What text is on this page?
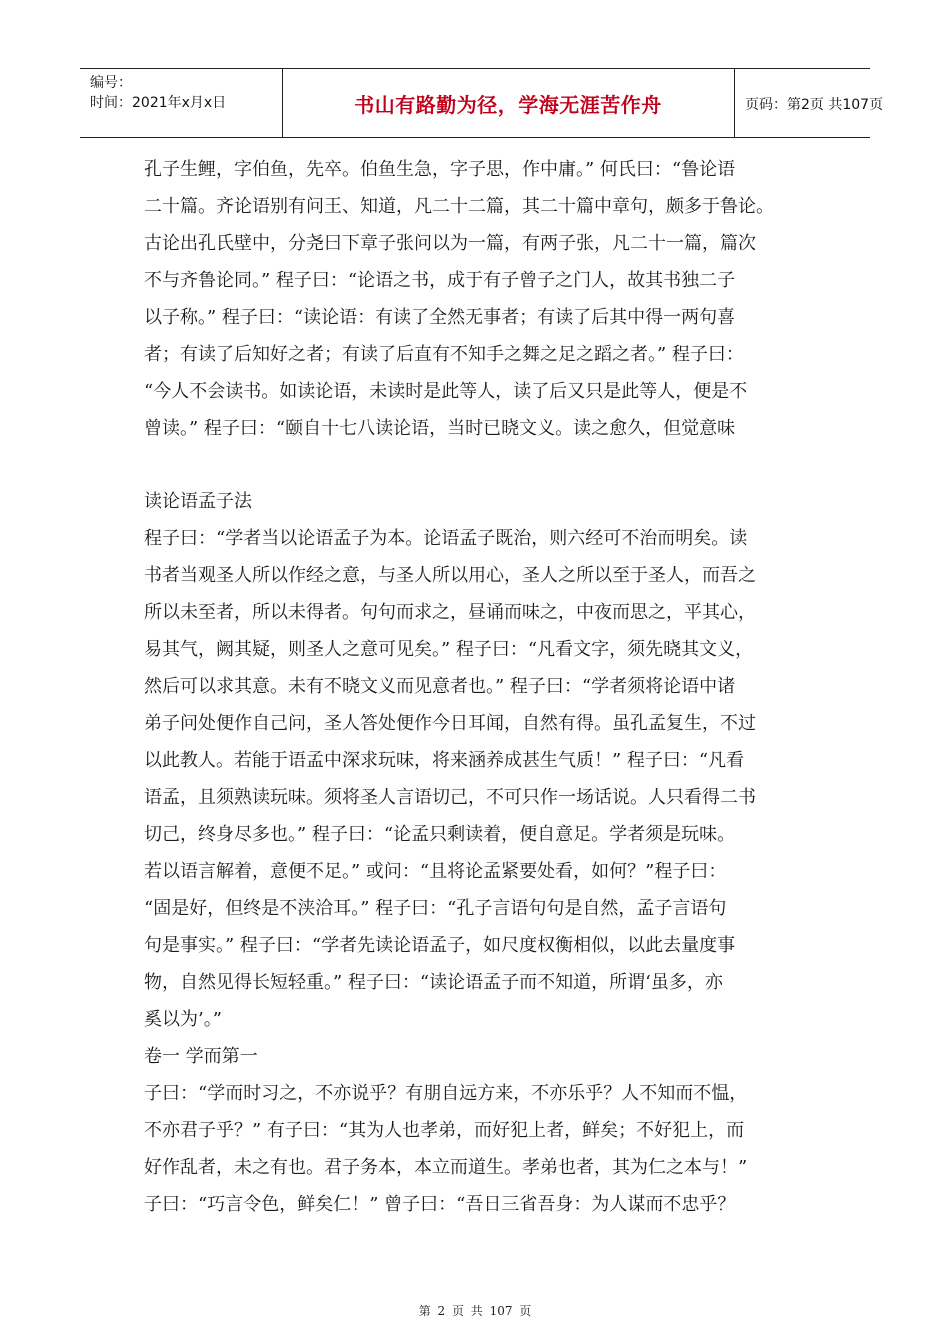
编号：
时间：2021年x月x日	书山有路勤为径，学海无涯苦作舟	页码：第2页 共107页
孔子生鲤，字伯鱼，先卒。伯鱼生急，字子思，作中庸。” 何氏曰：“鲁论语
二十篇。齐论语别有问王、知道，凡二十二篇，其二十篇中章句，颇多于鲁论。
古论出孔氏壁中，分尧曰下章子张问以为一篇，有两子张，凡二十一篇，篇次
不与齐鲁论同。” 程子曰：“论语之书，成于有子曾子之门人，故其书独二子
以子称。” 程子曰：“读论语：有读了全然无事者；有读了后其中得一两句喜
者；有读了后知好之者；有读了后直有不知手之舞之足之蹈之者。” 程子曰：
“今人不会读书。如读论语，未读时是此等人，读了后又只是此等人，便是不
曾读。” 程子曰：“颐自十七八读论语，当时已晓文义。读之愈久，但觉意味
读论语孟子法
程子曰：“学者当以论语孟子为本。论语孟子既治，则六经可不治而明矣。读
书者当观圣人所以作经之意，与圣人所以用心，圣人之所以至于圣人，而吾之
所以未至者，所以未得者。句句而求之，昼诵而味之，中夜而思之，平其心，
易其气，阙其疑，则圣人之意可见矣。” 程子曰：“凡看文字，须先晓其文义，
然后可以求其意。未有不晓文义而见意者也。” 程子曰：“学者须将论语中诸
弟子问处便作自己问，圣人答处便作今日耳闻，自然有得。虽孔孟复生，不过
以此教人。若能于语孟中深求玩味，将来涵养成甚生气质！” 程子曰：“凡看
语孟，且须熟读玩味。须将圣人言语切己，不可只作一场话说。人只看得二书
切己，终身尽多也。” 程子曰：“论孟只剩读着，便自意足。学者须是玩味。
若以语言解着，意便不足。” 或问：“且将论孟紧要处看，如何？”程子曰：
“固是好，但终是不浃洽耳。” 程子曰：“孔子言语句句是自然，孟子言语句
句是事实。” 程子曰：“学者先读论语孟子，如尺度权衡相似，以此去量度事
物，自然见得长短轻重。” 程子曰：“读论语孟子而不知道，所谓‘虽多，亦
奚以为’。”
卷一 学而第一
子曰：“学而时习之，不亦说乎？有朋自远方来，不亦乐乎？人不知而不愠，
不亦君子乎？” 有子曰：“其为人也孝弟，而好犯上者，鲜矣；不好犯上，而
好作乱者，未之有也。君子务本，本立而道生。孝弟也者，其为仁之本与！”
子曰：“巧言令色，鲜矣仁！” 曾子曰：“吾日三省吾身：为人谋而不忠乎？
第 2 页 共 107 页
